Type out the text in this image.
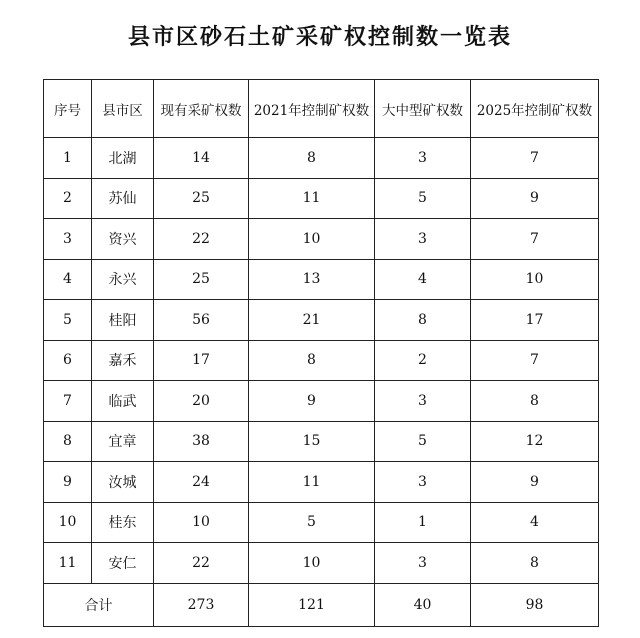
县市区砂石土矿采矿权控制数一览表
序号	县市区	现有采矿权数	2021年控制矿权数	大中型矿权数	2025年控制矿权数
1	北湖	14	8	3	7
2	苏仙	25	11	5	9
3	资兴	22	10	3	7
4	永兴	25	13	4	10
5	桂阳	56	21	8	17
6	嘉禾	17	8	2	7
7	临武	20	9	3	8
8	宜章	38	15	5	12
9	汝城	24	11	3	9
10	桂东	10	5	1	4
11	安仁	22	10	3	8
合计		273	121	40	98
